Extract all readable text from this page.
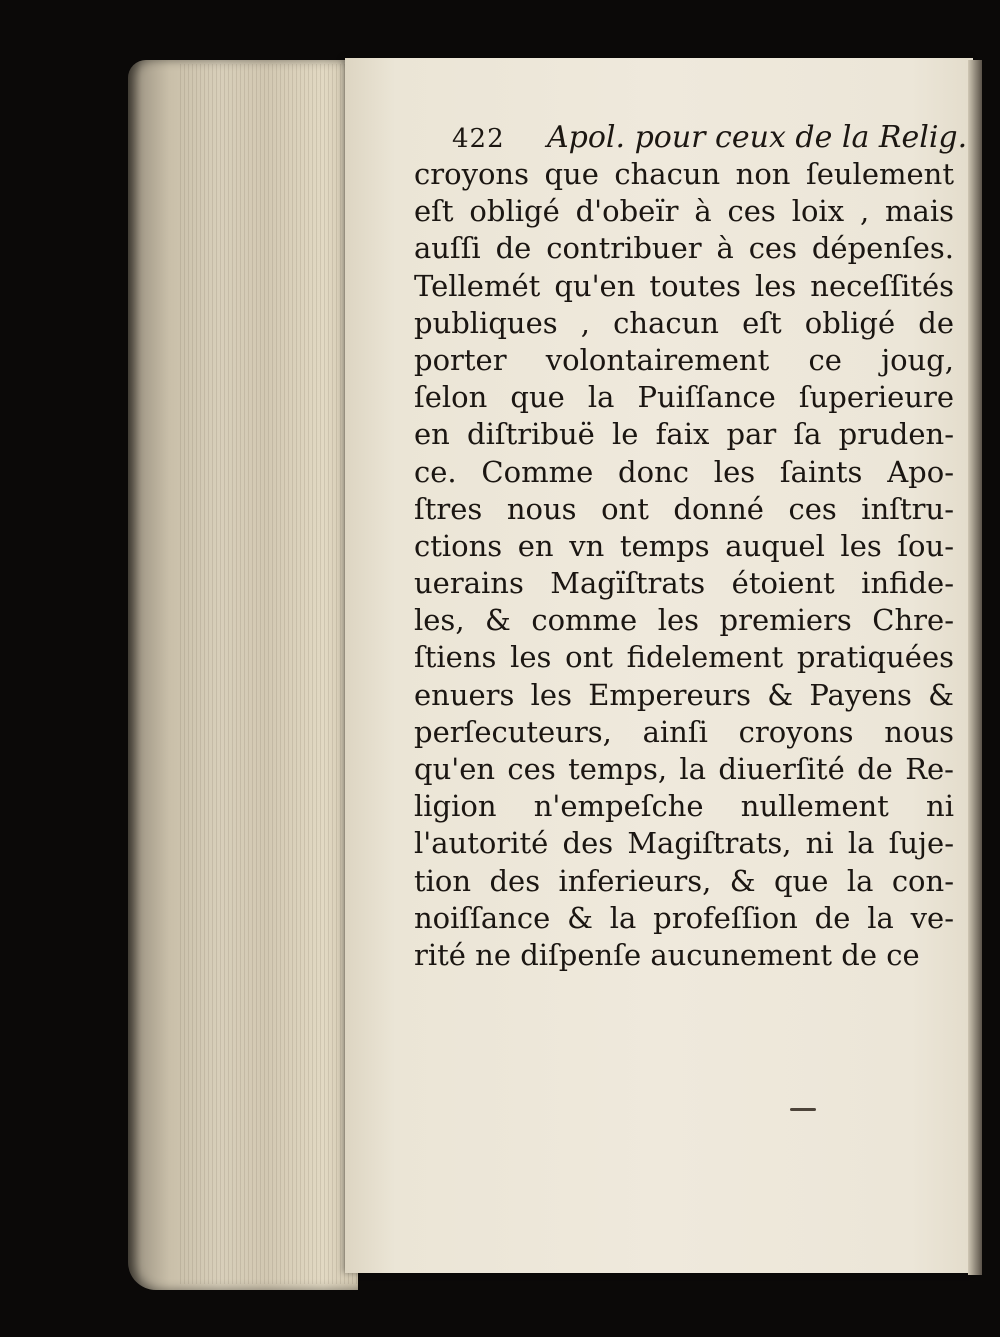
422 Apol. pour ceux de la Relig.
croyons que chacun non ſeulement
eſt obligé d'obeïr à ces loix , mais
auſſi de contribuer à ces dépenſes.
Tellemét qu'en toutes les neceſſités
publiques , chacun eſt obligé de
porter volontairement ce joug,
ſelon que la Puiſſance ſuperieure
en diſtribuë le faix par ſa pruden-
ce. Comme donc les ſaints Apo-
ſtres nous ont donné ces inſtru-
ctions en vn temps auquel les ſou-
uerains Magïſtrats étoient infide-
les, & comme les premiers Chre-
ſtiens les ont fidelement pratiquées
enuers les Empereurs & Payens &
perſecuteurs, ainſi croyons nous
qu'en ces temps, la diuerſité de Re-
ligion n'empeſche nullement ni
l'autorité des Magiſtrats, ni la ſuje-
tion des inferieurs, & que la con-
noiſſance & la profeſſion de la ve-
rité ne diſpenſe aucunement de ce
